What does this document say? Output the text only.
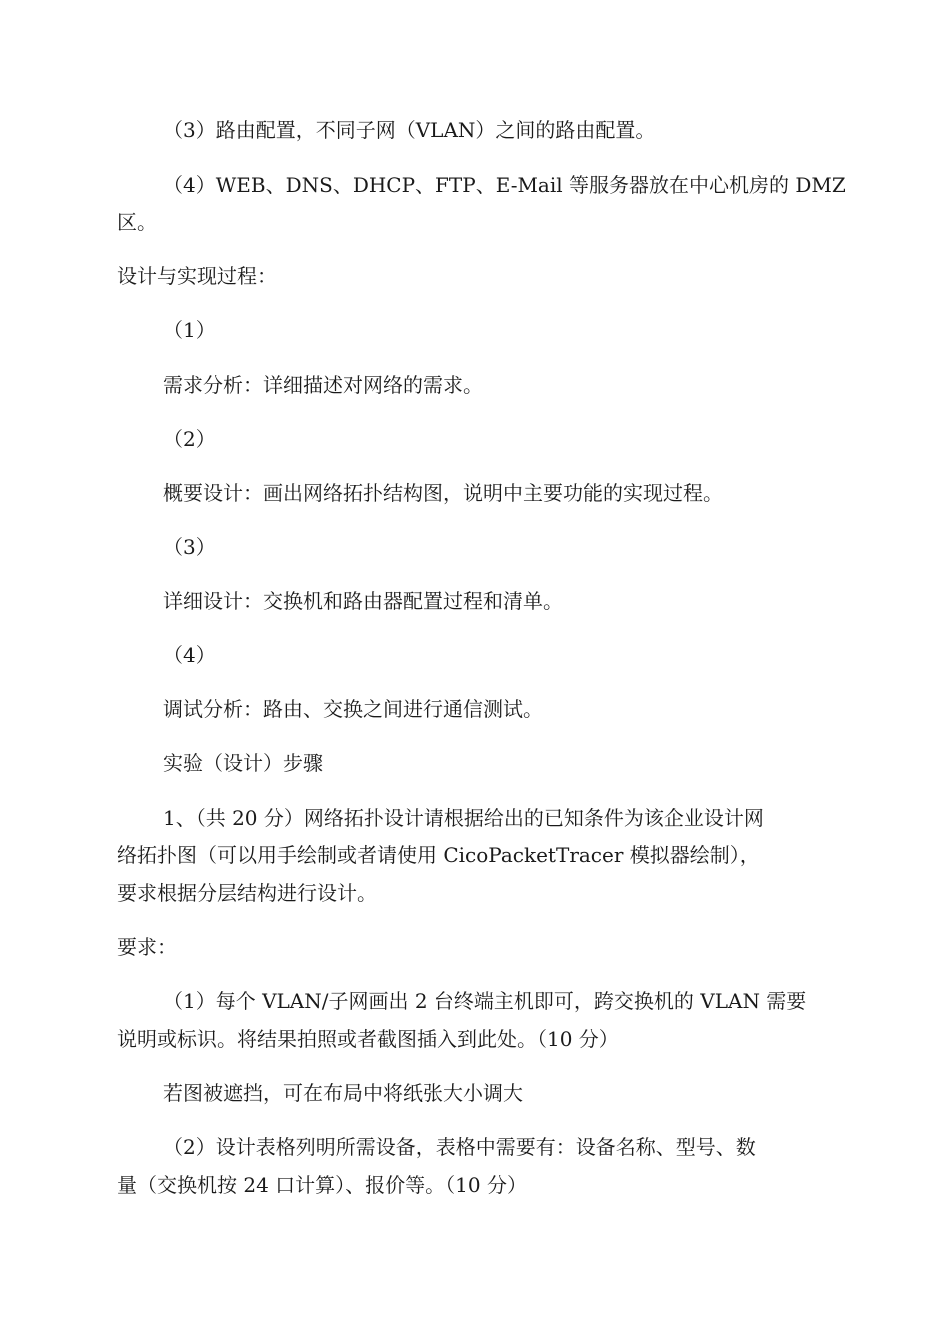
（3）路由配置，不同子网（VLAN）之间的路由配置。
（4）WEB、DNS、DHCP、FTP、E-Mail 等服务器放在中心机房的 DMZ
区。
设计与实现过程：
（1）
需求分析：详细描述对网络的需求。
（2）
概要设计：画出网络拓扑结构图，说明中主要功能的实现过程。
（3）
详细设计：交换机和路由器配置过程和清单。
（4）
调试分析：路由、交换之间进行通信测试。
实验（设计）步骤
1、（共 20 分）网络拓扑设计请根据给出的已知条件为该企业设计网
络拓扑图（可以用手绘制或者请使用 CicoPacketTracer 模拟器绘制），
要求根据分层结构进行设计。
要求：
（1）每个 VLAN/子网画出 2 台终端主机即可，跨交换机的 VLAN 需要
说明或标识。将结果拍照或者截图插入到此处。（10 分）
若图被遮挡，可在布局中将纸张大小调大
（2）设计表格列明所需设备，表格中需要有：设备名称、型号、数
量（交换机按 24 口计算）、报价等。（10 分）
